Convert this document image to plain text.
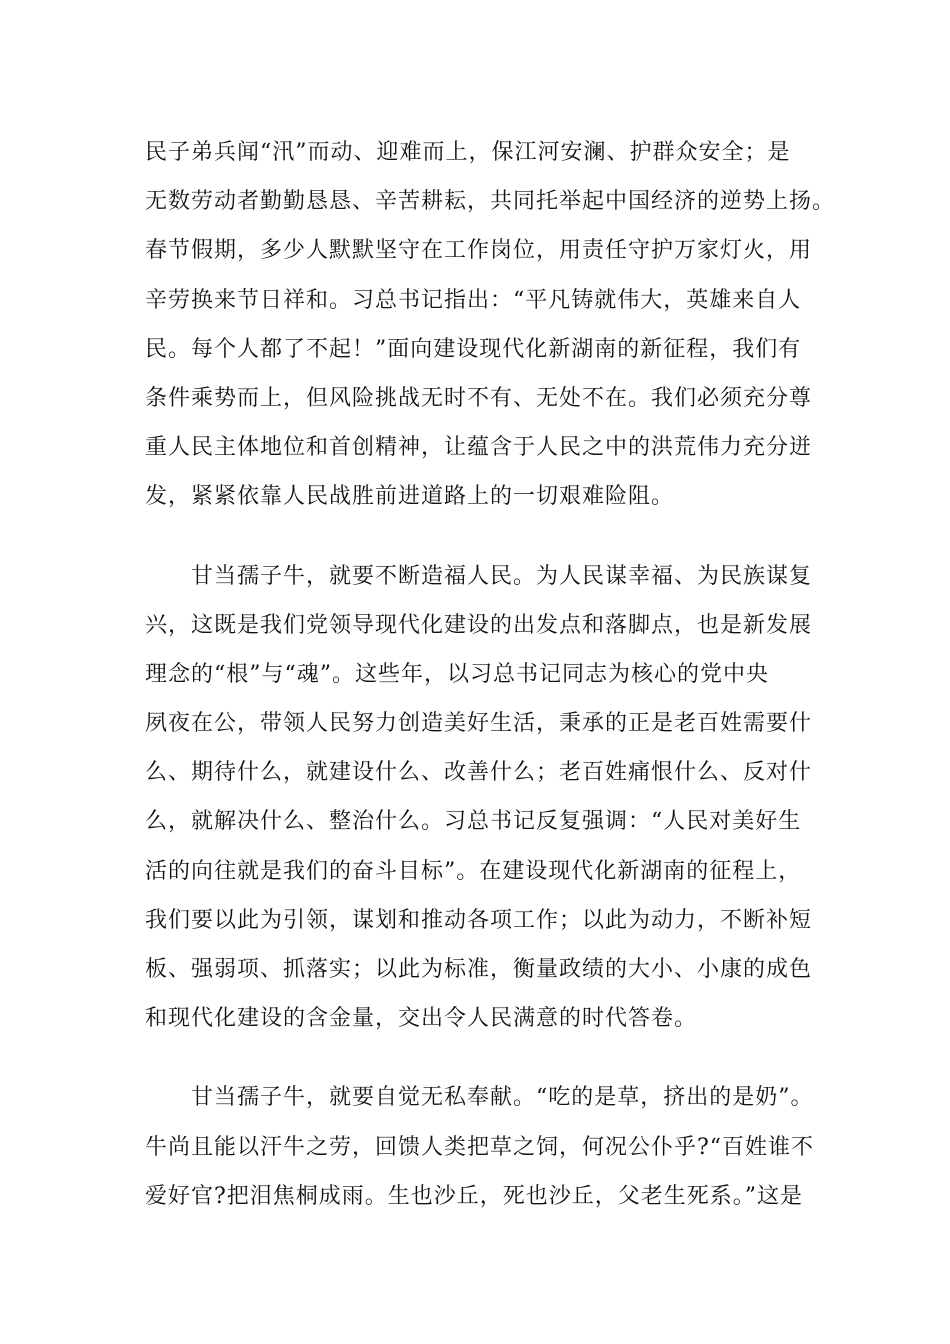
民子弟兵闻“汛”而动、迎难而上，保江河安澜、护群众安全；是
无数劳动者勤勤恳恳、辛苦耕耘，共同托举起中国经济的逆势上扬。
春节假期，多少人默默坚守在工作岗位，用责任守护万家灯火，用
辛劳换来节日祥和。习总书记指出：“平凡铸就伟大，英雄来自人
民。每个人都了不起！”面向建设现代化新湖南的新征程，我们有
条件乘势而上，但风险挑战无时不有、无处不在。我们必须充分尊
重人民主体地位和首创精神，让蕴含于人民之中的洪荒伟力充分迸
发，紧紧依靠人民战胜前进道路上的一切艰难险阻。
　　甘当孺子牛，就要不断造福人民。为人民谋幸福、为民族谋复
兴，这既是我们党领导现代化建设的出发点和落脚点，也是新发展
理念的“根”与“魂”。这些年，以习总书记同志为核心的党中央
夙夜在公，带领人民努力创造美好生活，秉承的正是老百姓需要什
么、期待什么，就建设什么、改善什么；老百姓痛恨什么、反对什
么，就解决什么、整治什么。习总书记反复强调：“人民对美好生
活的向往就是我们的奋斗目标”。在建设现代化新湖南的征程上，
我们要以此为引领，谋划和推动各项工作；以此为动力，不断补短
板、强弱项、抓落实；以此为标准，衡量政绩的大小、小康的成色
和现代化建设的含金量，交出令人民满意的时代答卷。
　　甘当孺子牛，就要自觉无私奉献。“吃的是草，挤出的是奶”。
牛尚且能以汗牛之劳，回馈人类把草之饲，何况公仆乎?“百姓谁不
爱好官?把泪焦桐成雨。生也沙丘，死也沙丘，父老生死系。”这是
